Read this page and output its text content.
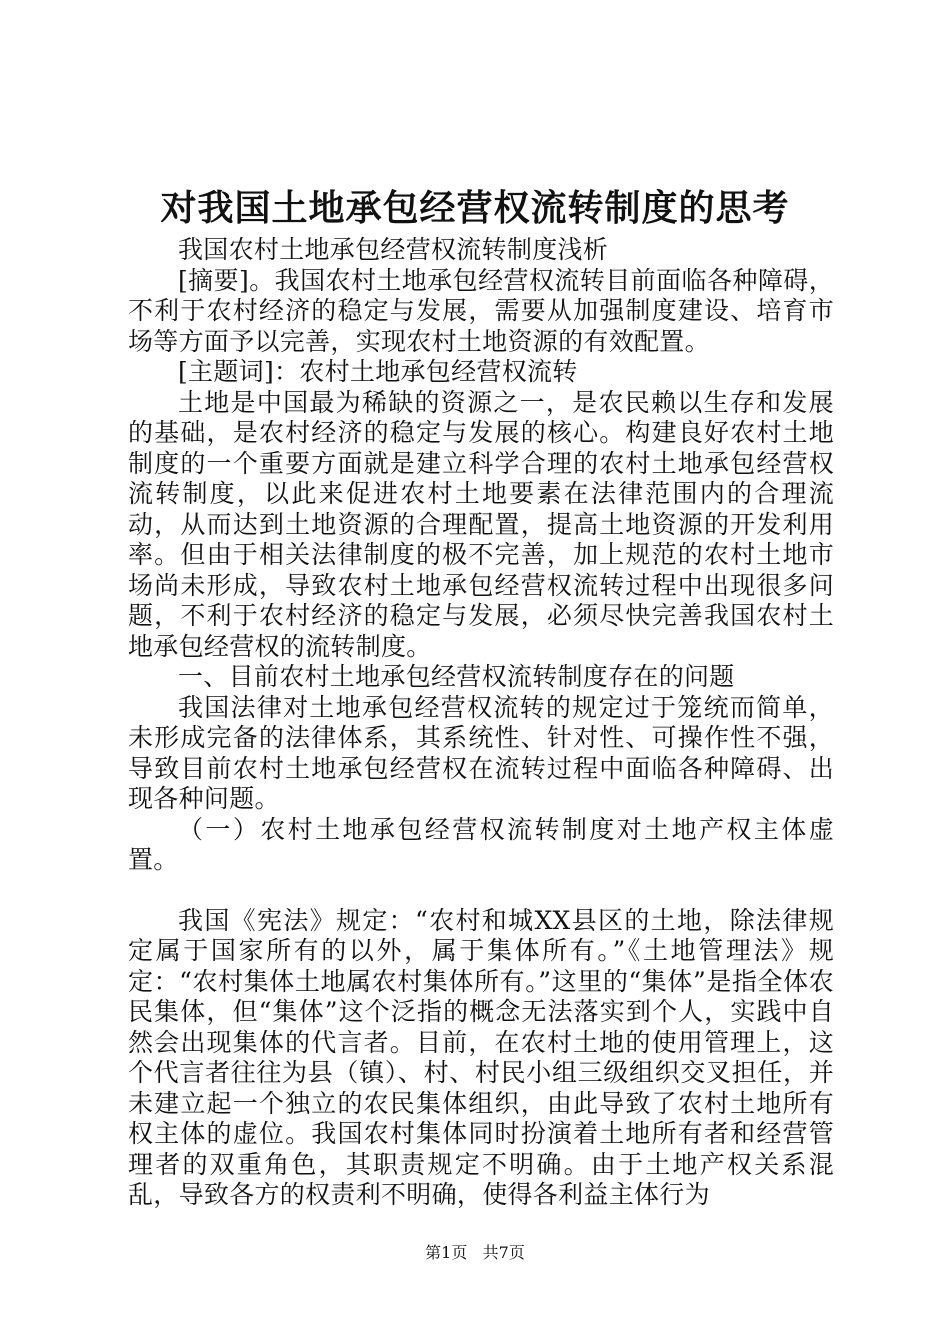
对我国土地承包经营权流转制度的思考

我国农村土地承包经营权流转制度浅析

[摘要]。我国农村土地承包经营权流转目前面临各种障碍，不利于农村经济的稳定与发展，需要从加强制度建设、培育市场等方面予以完善，实现农村土地资源的有效配置。

[主题词]：农村土地承包经营权流转

土地是中国最为稀缺的资源之一，是农民赖以生存和发展的基础，是农村经济的稳定与发展的核心。构建良好农村土地制度的一个重要方面就是建立科学合理的农村土地承包经营权流转制度，以此来促进农村土地要素在法律范围内的合理流动，从而达到土地资源的合理配置，提高土地资源的开发利用率。但由于相关法律制度的极不完善，加上规范的农村土地市场尚未形成，导致农村土地承包经营权流转过程中出现很多问题，不利于农村经济的稳定与发展，必须尽快完善我国农村土地承包经营权的流转制度。

一、目前农村土地承包经营权流转制度存在的问题

我国法律对土地承包经营权流转的规定过于笼统而简单，未形成完备的法律体系，其系统性、针对性、可操作性不强，导致目前农村土地承包经营权在流转过程中面临各种障碍、出现各种问题。

（一）农村土地承包经营权流转制度对土地产权主体虚置。

我国《宪法》规定：“农村和城XX县区的土地，除法律规定属于国家所有的以外，属于集体所有。”《土地管理法》规定：“农村集体土地属农村集体所有。”这里的“集体”是指全体农民集体，但“集体”这个泛指的概念无法落实到个人，实践中自然会出现集体的代言者。目前，在农村土地的使用管理上，这个代言者往往为县（镇）、村、村民小组三级组织交叉担任，并未建立起一个独立的农民集体组织，由此导致了农村土地所有权主体的虚位。我国农村集体同时扮演着土地所有者和经营管理者的双重角色，其职责规定不明确。由于土地产权关系混乱，导致各方的权责利不明确，使得各利益主体行为

第1页 共7页
